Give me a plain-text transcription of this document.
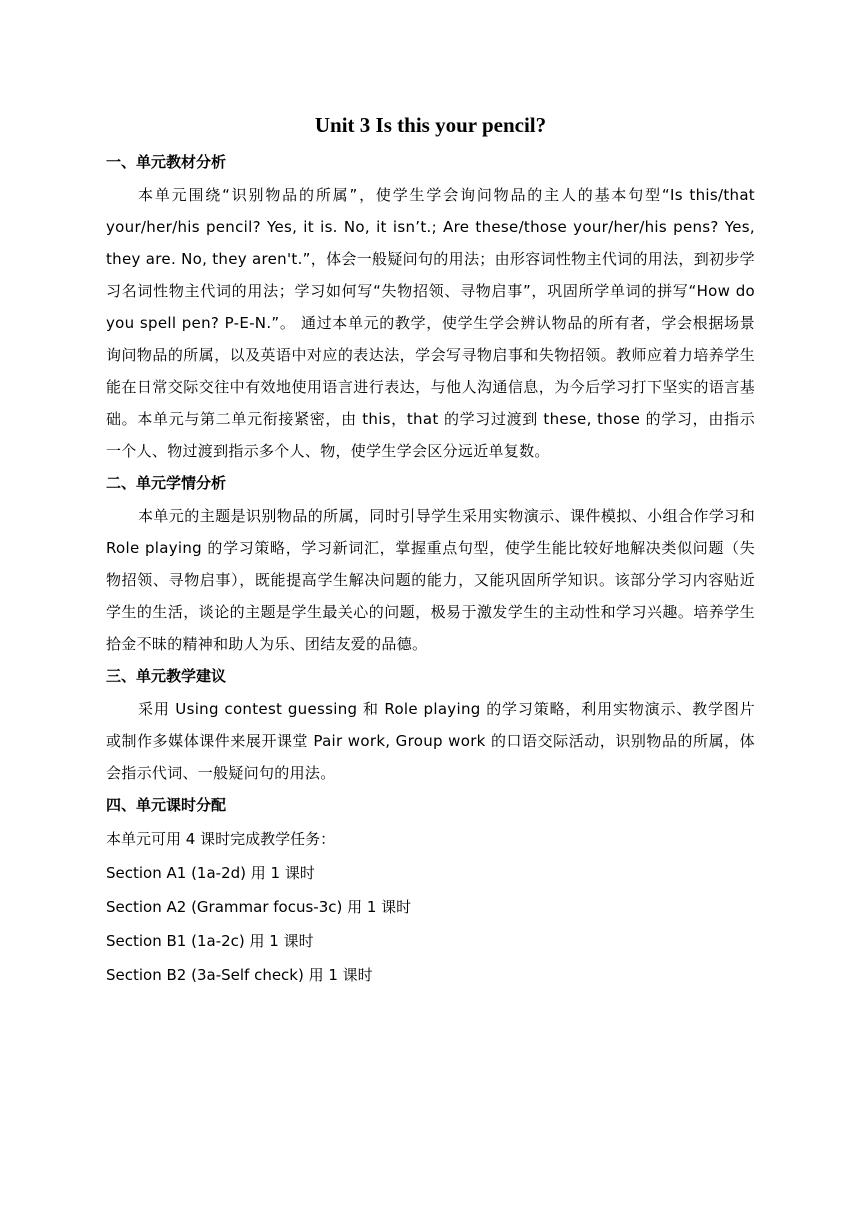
Unit 3 Is this your pencil?
一、单元教材分析

本单元围绕“识别物品的所属”，使学生学会询问物品的主人的基本句型“Is this/that your/her/his pencil? Yes, it is. No, it isn’t.; Are these/those your/her/his pens? Yes, they are. No, they aren't.”，体会一般疑问句的用法；由形容词性物主代词的用法，到初步学习名词性物主代词的用法；学习如何写“失物招领、寻物启事”，巩固所学单词的拼写“How do you spell pen? P-E-N.”。 通过本单元的教学，使学生学会辨认物品的所有者，学会根据场景询问物品的所属，以及英语中对应的表达法，学会写寻物启事和失物招领。教师应着力培养学生能在日常交际交往中有效地使用语言进行表达，与他人沟通信息，为今后学习打下坚实的语言基础。本单元与第二单元衔接紧密，由 this，that 的学习过渡到 these, those 的学习，由指示一个人、物过渡到指示多个人、物，使学生学会区分远近单复数。

二、单元学情分析

本单元的主题是识别物品的所属，同时引导学生采用实物演示、课件模拟、小组合作学习和 Role playing 的学习策略，学习新词汇，掌握重点句型，使学生能比较好地解决类似问题（失物招领、寻物启事），既能提高学生解决问题的能力，又能巩固所学知识。该部分学习内容贴近学生的生活，谈论的主题是学生最关心的问题，极易于激发学生的主动性和学习兴趣。培养学生拾金不昧的精神和助人为乐、团结友爱的品德。

三、单元教学建议

采用 Using contest guessing 和 Role playing 的学习策略，利用实物演示、教学图片或制作多媒体课件来展开课堂 Pair work, Group work 的口语交际活动，识别物品的所属，体会指示代词、一般疑问句的用法。

四、单元课时分配

本单元可用 4 课时完成教学任务：

Section A1 (1a-2d) 用 1 课时

Section A2 (Grammar focus-3c) 用 1 课时

Section B1 (1a-2c) 用 1 课时

Section B2 (3a-Self check) 用 1 课时
